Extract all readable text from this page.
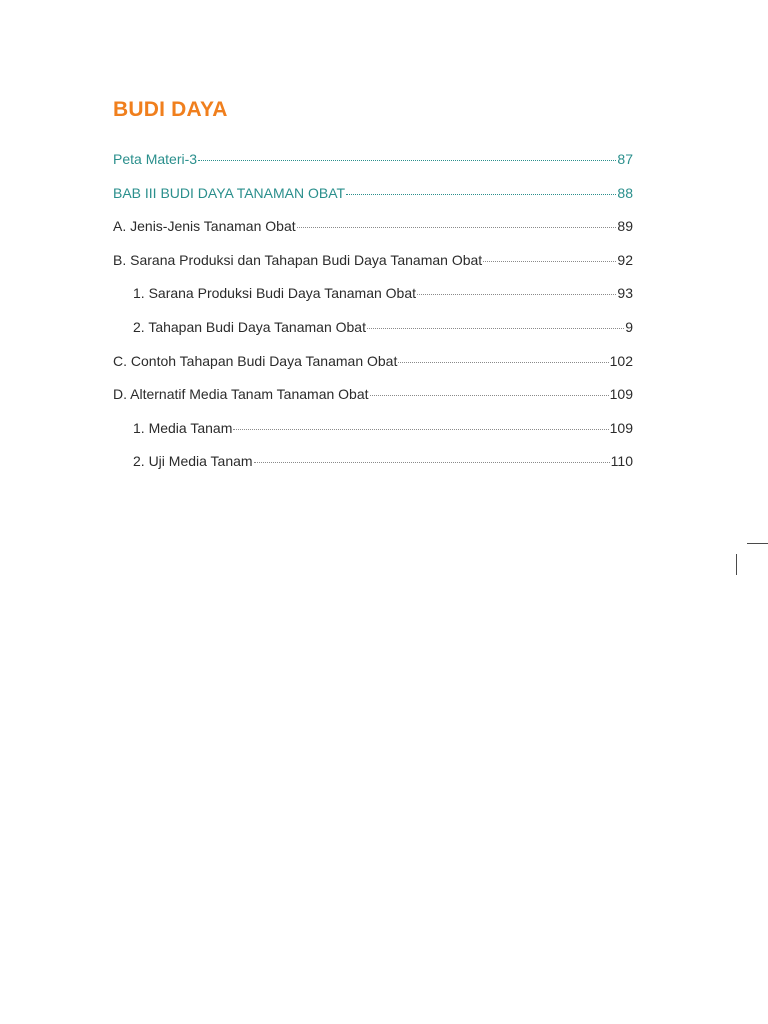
BUDI DAYA
Peta Materi-3	87
BAB III BUDI DAYA TANAMAN OBAT	88
A. Jenis-Jenis Tanaman Obat	89
B. Sarana Produksi dan Tahapan Budi Daya Tanaman Obat	92
1. Sarana Produksi Budi Daya Tanaman Obat	93
2. Tahapan Budi Daya Tanaman Obat	9
C. Contoh Tahapan Budi Daya Tanaman Obat	102
D. Alternatif Media Tanam Tanaman Obat	109
1. Media Tanam	109
2. Uji Media Tanam	110
